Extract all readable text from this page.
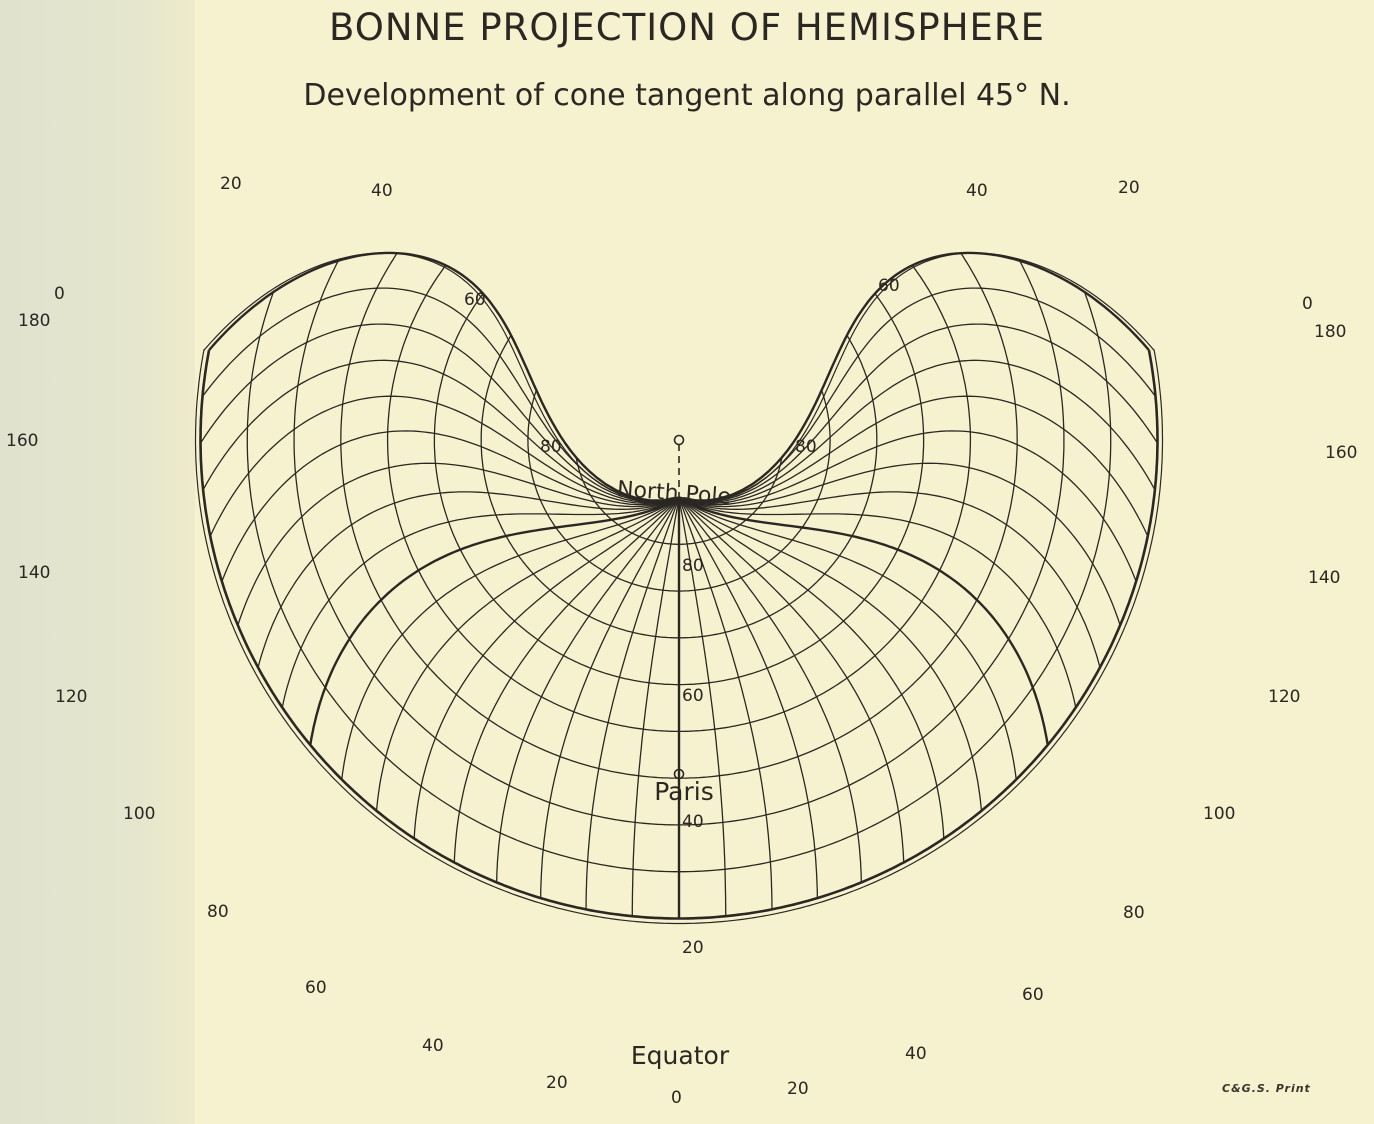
BONNE PROJECTION OF HEMISPHERE
Development of cone tangent along parallel 45° N.
North Pole
Paris
Equator
80
60
40
20
0
20	40
60
80	80
60
40	20
0
180
160
140
120
100
80
60
40
20
0	20
40
60
80
100
120
140
160
180
C&G.S. Print
